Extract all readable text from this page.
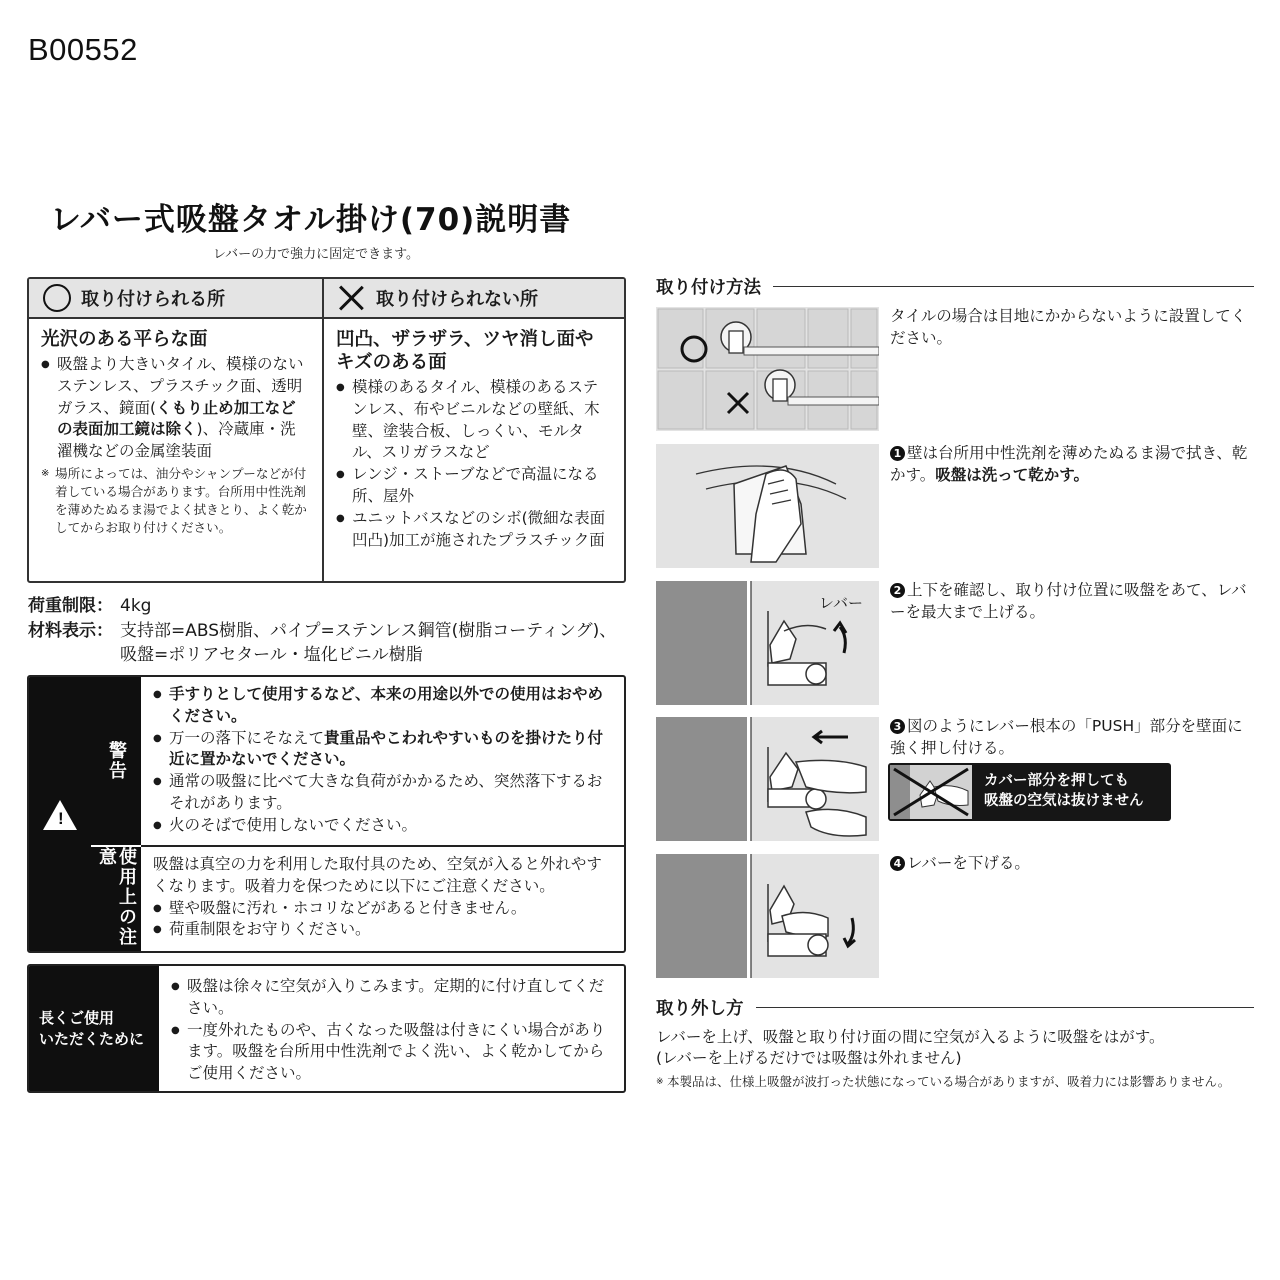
B00552
レバー式吸盤タオル掛け(70)説明書
レバーの力で強力に固定できます。
取り付けられる所
光沢のある平らな面
● 吸盤より大きいタイル、模様のないステンレス、プラスチック面、透明ガラス、鏡面(くもり止め加工などの表面加工鏡は除く)、冷蔵庫・洗濯機などの金属塗装面
※ 場所によっては、油分やシャンプーなどが付着している場合があります。台所用中性洗剤を薄めたぬるま湯でよく拭きとり、よく乾かしてからお取り付けください。
取り付けられない所
凹凸、ザラザラ、ツヤ消し面やキズのある面
● 模様のあるタイル、模様のあるステンレス、布やビニルなどの壁紙、木壁、塗装合板、しっくい、モルタル、スリガラスなど
● レンジ・ストーブなどで高温になる所、屋外
● ユニットバスなどのシボ(微細な表面凹凸)加工が施されたプラスチック面
荷重制限： 4kg
材料表示： 支持部=ABS樹脂、パイプ=ステンレス鋼管(樹脂コーティング)、吸盤=ポリアセタール・塩化ビニル樹脂
!
警告
使用上の注意
● 手すりとして使用するなど、本来の用途以外での使用はおやめください。
● 万一の落下にそなえて貴重品やこわれやすいものを掛けたり付近に置かないでください。
● 通常の吸盤に比べて大きな負荷がかかるため、突然落下するおそれがあります。
● 火のそばで使用しないでください。
吸盤は真空の力を利用した取付具のため、空気が入ると外れやすくなります。吸着力を保つために以下にご注意ください。
● 壁や吸盤に汚れ・ホコリなどがあると付きません。
● 荷重制限をお守りください。
長くご使用
いただくために
● 吸盤は徐々に空気が入りこみます。定期的に付け直してください。
● 一度外れたものや、古くなった吸盤は付きにくい場合があります。吸盤を台所用中性洗剤でよく洗い、よく乾かしてからご使用ください。
取り付け方法
タイルの場合は目地にかからないように設置してください。
1 壁は台所用中性洗剤を薄めたぬるま湯で拭き、乾かす。吸盤は洗って乾かす。
レバー
2 上下を確認し、取り付け位置に吸盤をあて、レバーを最大まで上げる。
3 図のようにレバー根本の「PUSH」部分を壁面に強く押し付ける。
カバー部分を押しても
吸盤の空気は抜けません
4 レバーを下げる。
取り外し方
レバーを上げ、吸盤と取り付け面の間に空気が入るように吸盤をはがす。
(レバーを上げるだけでは吸盤は外れません)
※ 本製品は、仕様上吸盤が波打った状態になっている場合がありますが、吸着力には影響ありません。
